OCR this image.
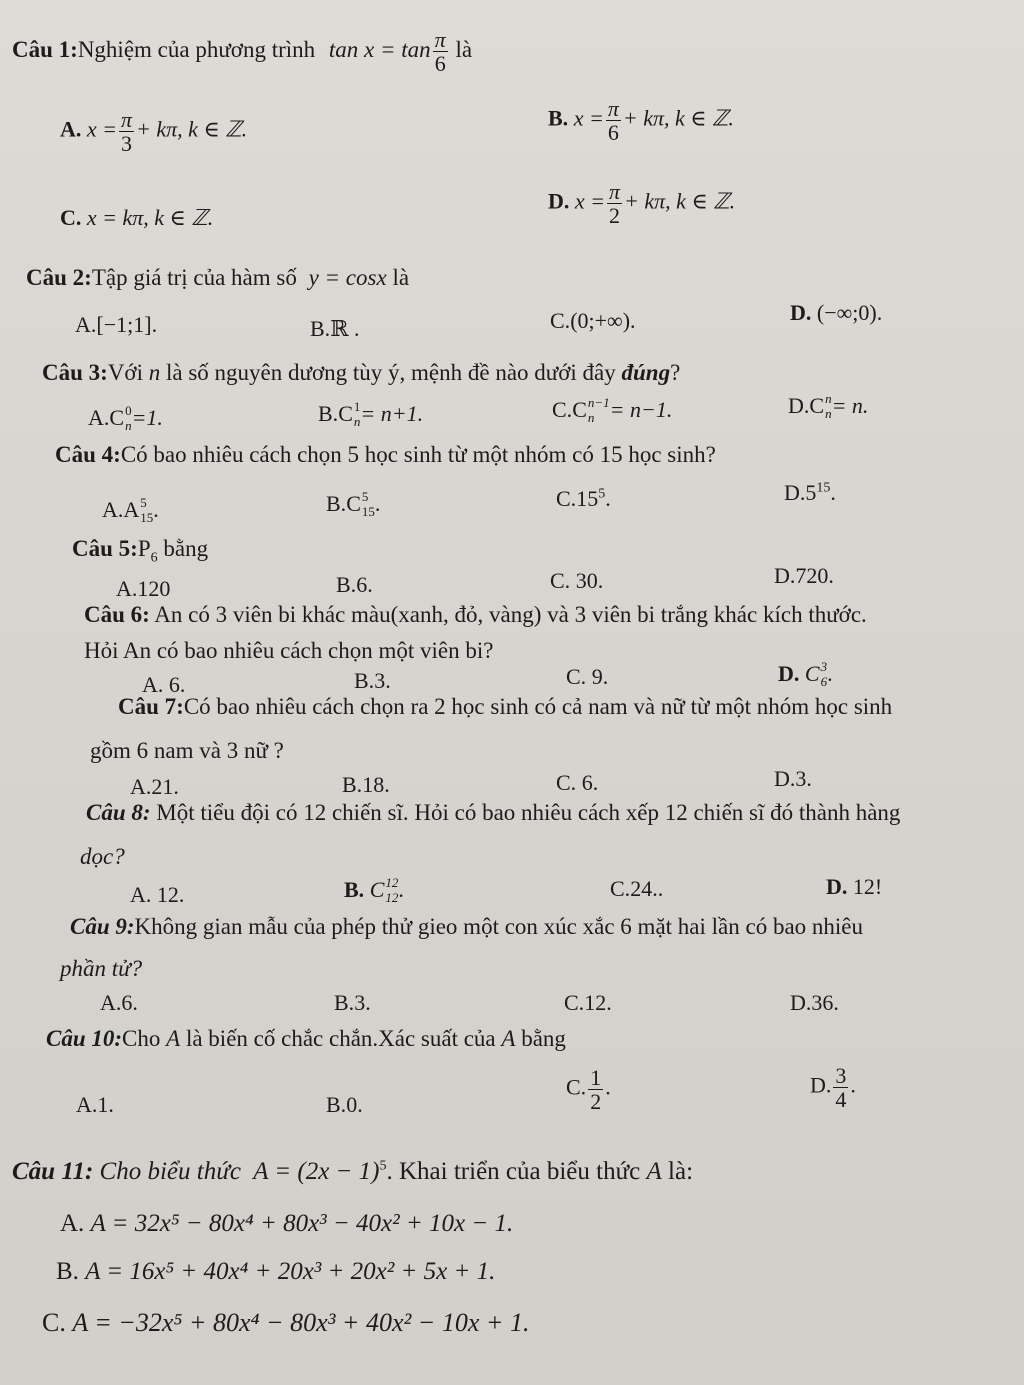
Câu 1:Nghiệm của phương trình $\tan x = \tan \frac{\pi}{6}$ là
A. $x = \frac{\pi}{3} + k\pi$, k ∈ ℤ.	B. $x = \frac{\pi}{6} + k\pi$, k ∈ ℤ.
C. x = kπ, k ∈ ℤ.
D. $x = \frac{\pi}{2} + k\pi$, k ∈ ℤ.
Câu 2:Tập giá trị của hàm số y = cosx là
A.[−1;1].	B.ℝ .	C.(0;+∞).	D. (−∞;0).
Câu 3:Với n là số nguyên dương tùy ý, mệnh đề nào dưới đây đúng?
A.C 0
n =1.	B.C 1
n = n+1.	C.C n−1
n = n−1.	D.C n
n = n.
Câu 4:Có bao nhiêu cách chọn 5 học sinh từ một nhóm có 15 học sinh?
A. A 5
15 .	B. C 5
15 .	$C.15^5$.	$D.5^{15}$.
Câu $5:P_6$ bằng
A.120	B.6.	C. 30.	D.720.
Câu 6: An có 3 viên bi khác màu(xanh, đỏ, vàng) và 3 viên bi trắng khác kích thước.
Hỏi An có bao nhiêu cách chọn một viên bi?
A. 6.	B.3.	C. 9.	D. C 3
6 .
Câu 7:Có bao nhiêu cách chọn ra 2 học sinh có cả nam và nữ từ một nhóm học sinh
gồm 6 nam và 3 nữ ?
A.21.	B.18.	C. 6.	D.3.
Câu 8: Một tiểu đội có 12 chiến sĩ. Hỏi có bao nhiêu cách xếp 12 chiến sĩ đó thành hàng
dọc?
A. 12.	B. C 12
12 .	C.24..	D. 12!
Câu 9:Không gian mẫu của phép thử gieo một con xúc xắc 6 mặt hai lần có bao nhiêu
phần tử?
A.6.	B.3.	C.12.	D.36.
Câu 10:Cho A là biến cố chắc chắn.Xác suất của A bằng
A.1.	B.0.
C. $\frac{1}{2}$ .	D. $\frac{3}{4}$ .
Câu 11: Cho biểu thức $A = (2x - 1)^5$. Khai triển của biểu thức A là:
A. A = 32x⁵ − 80x⁴ + 80x³ − 40x² + 10x − 1.
B. A = 16x⁵ + 40x⁴ + 20x³ + 20x² + 5x + 1.
C. A = −32x⁵ + 80x⁴ − 80x³ + 40x² − 10x + 1.
